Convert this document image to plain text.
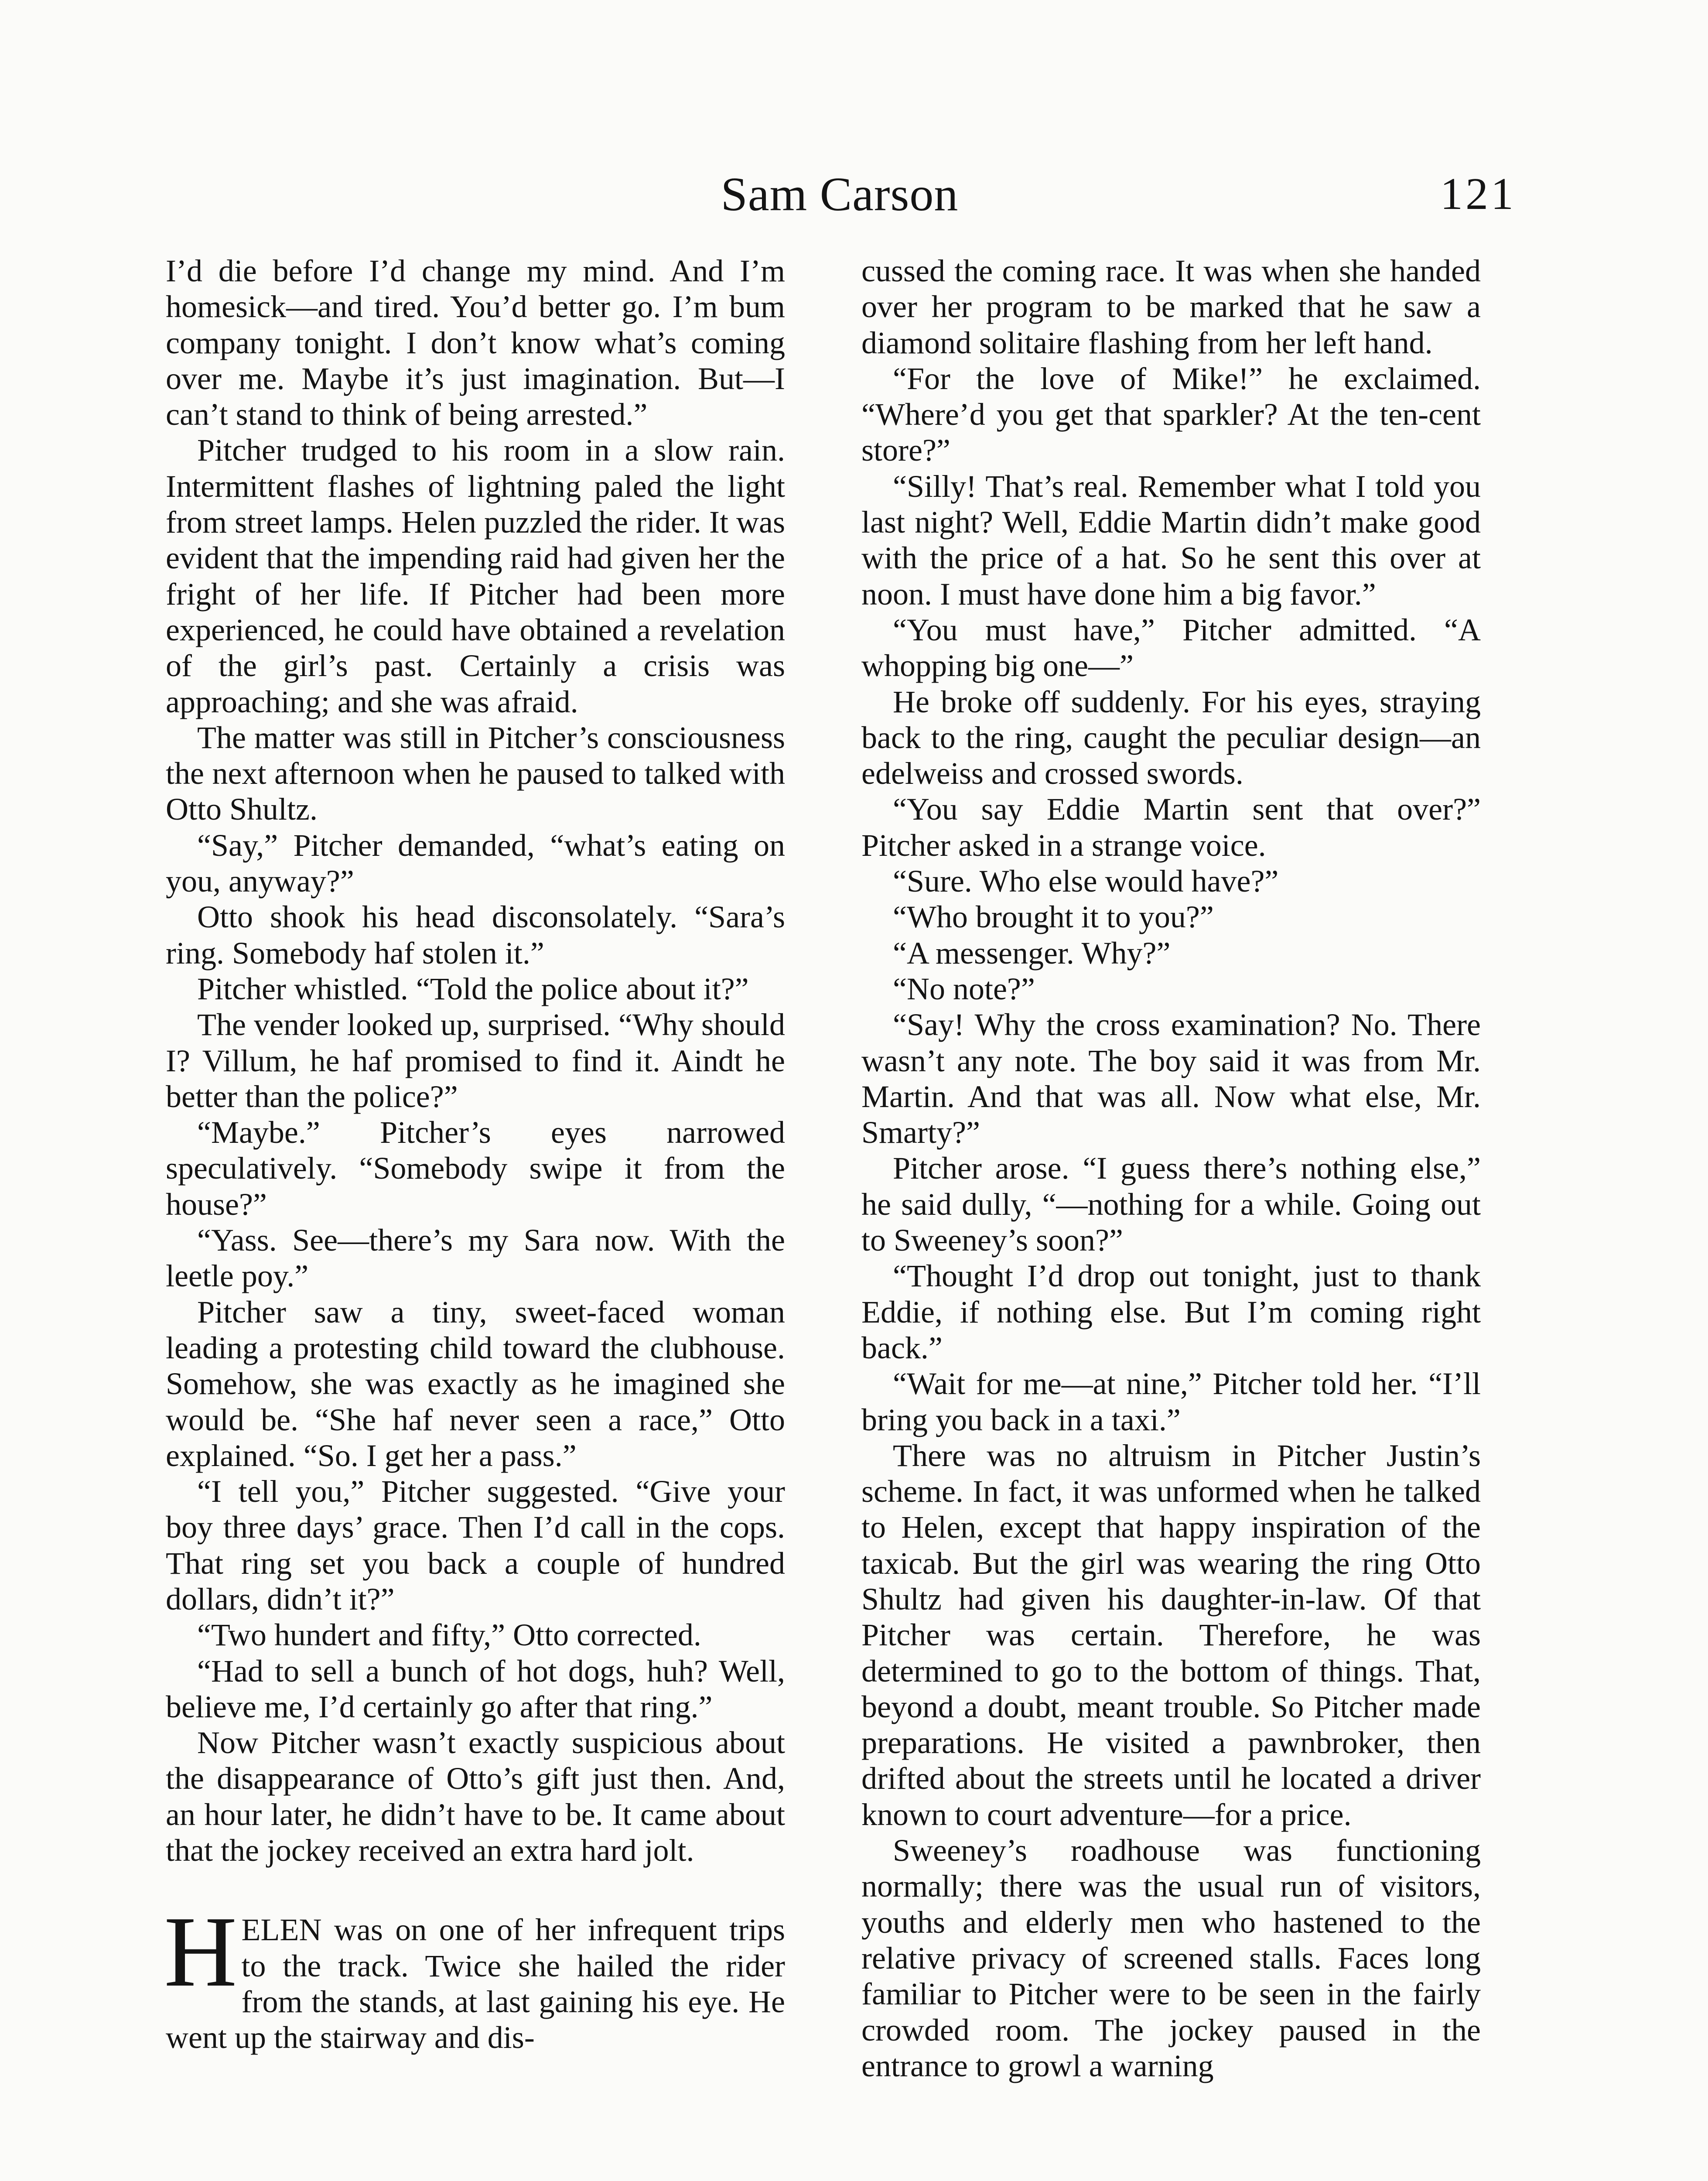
Sam Carson	121

I’d die before I’d change my mind. And I’m homesick—and tired. You’d better go. I’m bum company tonight. I don’t know what’s coming over me. Maybe it’s just imagination. But—I can’t stand to think of being arrested.”

Pitcher trudged to his room in a slow rain. Intermittent flashes of lightning paled the light from street lamps. Helen puzzled the rider. It was evident that the impending raid had given her the fright of her life. If Pitcher had been more experienced, he could have obtained a revelation of the girl’s past. Certainly a crisis was approaching; and she was afraid.

The matter was still in Pitcher’s consciousness the next afternoon when he paused to talked with Otto Shultz.

“Say,” Pitcher demanded, “what’s eating on you, anyway?”

Otto shook his head disconsolately. “Sara’s ring. Somebody haf stolen it.”

Pitcher whistled. “Told the police about it?”

The vender looked up, surprised. “Why should I? Villum, he haf promised to find it. Aindt he better than the police?”

“Maybe.” Pitcher’s eyes narrowed speculatively. “Somebody swipe it from the house?”

“Yass. See—there’s my Sara now. With the leetle poy.”

Pitcher saw a tiny, sweet-faced woman leading a protesting child toward the clubhouse. Somehow, she was exactly as he imagined she would be. “She haf never seen a race,” Otto explained. “So. I get her a pass.”

“I tell you,” Pitcher suggested. “Give your boy three days’ grace. Then I’d call in the cops. That ring set you back a couple of hundred dollars, didn’t it?”

“Two hundert and fifty,” Otto corrected.

“Had to sell a bunch of hot dogs, huh? Well, believe me, I’d certainly go after that ring.”

Now Pitcher wasn’t exactly suspicious about the disappearance of Otto’s gift just then. And, an hour later, he didn’t have to be. It came about that the jockey received an extra hard jolt.

HELEN was on one of her infrequent trips to the track. Twice she hailed the rider from the stands, at last gaining his eye. He went up the stairway and dis-

cussed the coming race. It was when she handed over her program to be marked that he saw a diamond solitaire flashing from her left hand.

“For the love of Mike!” he exclaimed. “Where’d you get that sparkler? At the ten-cent store?”

“Silly! That’s real. Remember what I told you last night? Well, Eddie Martin didn’t make good with the price of a hat. So he sent this over at noon. I must have done him a big favor.”

“You must have,” Pitcher admitted. “A whopping big one—”

He broke off suddenly. For his eyes, straying back to the ring, caught the peculiar design—an edelweiss and crossed swords.

“You say Eddie Martin sent that over?” Pitcher asked in a strange voice.

“Sure. Who else would have?”

“Who brought it to you?”

“A messenger. Why?”

“No note?”

“Say! Why the cross examination? No. There wasn’t any note. The boy said it was from Mr. Martin. And that was all. Now what else, Mr. Smarty?”

Pitcher arose. “I guess there’s nothing else,” he said dully, “—nothing for a while. Going out to Sweeney’s soon?”

“Thought I’d drop out tonight, just to thank Eddie, if nothing else. But I’m coming right back.”

“Wait for me—at nine,” Pitcher told her. “I’ll bring you back in a taxi.”

There was no altruism in Pitcher Justin’s scheme. In fact, it was unformed when he talked to Helen, except that happy inspiration of the taxicab. But the girl was wearing the ring Otto Shultz had given his daughter-in-law. Of that Pitcher was certain. Therefore, he was determined to go to the bottom of things. That, beyond a doubt, meant trouble. So Pitcher made preparations. He visited a pawnbroker, then drifted about the streets until he located a driver known to court adventure—for a price.

Sweeney’s roadhouse was functioning normally; there was the usual run of visitors, youths and elderly men who hastened to the relative privacy of screened stalls. Faces long familiar to Pitcher were to be seen in the fairly crowded room. The jockey paused in the entrance to growl a warning
